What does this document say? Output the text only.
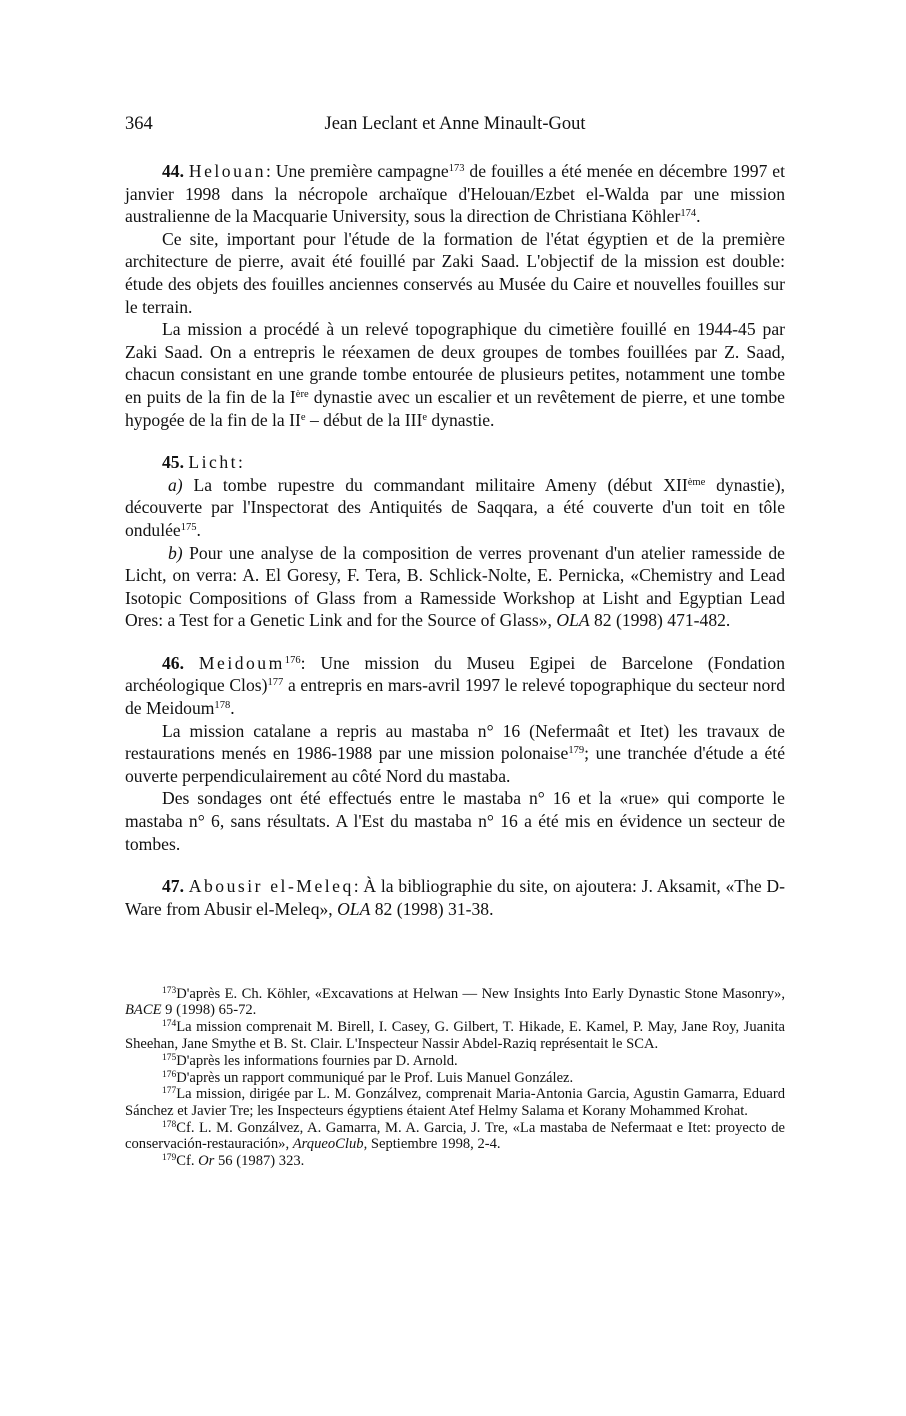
364	Jean Leclant et Anne Minault-Gout

44. Helouan: Une première campagne$^{173}$ de fouilles a été menée en décembre 1997 et janvier 1998 dans la nécropole archaïque d'Helouan/Ezbet el-Walda par une mission australienne de la Macquarie University, sous la direction de Christiana Köhler$^{174}$.

Ce site, important pour l'étude de la formation de l'état égyptien et de la première architecture de pierre, avait été fouillé par Zaki Saad. L'objectif de la mission est double: étude des objets des fouilles anciennes conservés au Musée du Caire et nouvelles fouilles sur le terrain.

La mission a procédé à un relevé topographique du cimetière fouillé en 1944-45 par Zaki Saad. On a entrepris le réexamen de deux groupes de tombes fouillées par Z. Saad, chacun consistant en une grande tombe entourée de plusieurs petites, notamment une tombe en puits de la fin de la Ière dynastie avec un escalier et un revêtement de pierre, et une tombe hypogée de la fin de la IIe – début de la IIIe dynastie.

45. Licht:

a) La tombe rupestre du commandant militaire Ameny (début XIIème dynastie), découverte par l'Inspectorat des Antiquités de Saqqara, a été couverte d'un toit en tôle ondulée$^{175}$.

b) Pour une analyse de la composition de verres provenant d'un atelier ramesside de Licht, on verra: A. El Goresy, F. Tera, B. Schlick-Nolte, E. Pernicka, «Chemistry and Lead Isotopic Compositions of Glass from a Ramesside Workshop at Lisht and Egyptian Lead Ores: a Test for a Genetic Link and for the Source of Glass», OLA 82 (1998) 471-482.

46. Meidoum$^{176}$: Une mission du Museu Egipei de Barcelone (Fondation archéologique Clos)$^{177}$ a entrepris en mars-avril 1997 le relevé topographique du secteur nord de Meidoum$^{178}$.

La mission catalane a repris au mastaba n° 16 (Nefermaât et Itet) les travaux de restaurations menés en 1986-1988 par une mission polonaise$^{179}$; une tranchée d'étude a été ouverte perpendiculairement au côté Nord du mastaba.

Des sondages ont été effectués entre le mastaba n° 16 et la «rue» qui comporte le mastaba n° 6, sans résultats. A l'Est du mastaba n° 16 a été mis en évidence un secteur de tombes.

47. Abousir el-Meleq: À la bibliographie du site, on ajoutera: J. Aksamit, «The D-Ware from Abusir el-Meleq», OLA 82 (1998) 31-38.

$^{173}$D'après E. Ch. Köhler, «Excavations at Helwan — New Insights Into Early Dynastic Stone Masonry», BACE 9 (1998) 65-72.

$^{174}$La mission comprenait M. Birell, I. Casey, G. Gilbert, T. Hikade, E. Kamel, P. May, Jane Roy, Juanita Sheehan, Jane Smythe et B. St. Clair. L'Inspecteur Nassir Abdel-Raziq représentait le SCA.

$^{175}$D'après les informations fournies par D. Arnold.

$^{176}$D'après un rapport communiqué par le Prof. Luis Manuel González.

$^{177}$La mission, dirigée par L. M. Gonzálvez, comprenait Maria-Antonia Garcia, Agustin Gamarra, Eduard Sánchez et Javier Tre; les Inspecteurs égyptiens étaient Atef Helmy Salama et Korany Mohammed Krohat.

$^{178}$Cf. L. M. Gonzálvez, A. Gamarra, M. A. Garcia, J. Tre, «La mastaba de Nefermaat e Itet: proyecto de conservación-restauración», ArqueoClub, Septiembre 1998, 2-4.

$^{179}$Cf. Or 56 (1987) 323.
